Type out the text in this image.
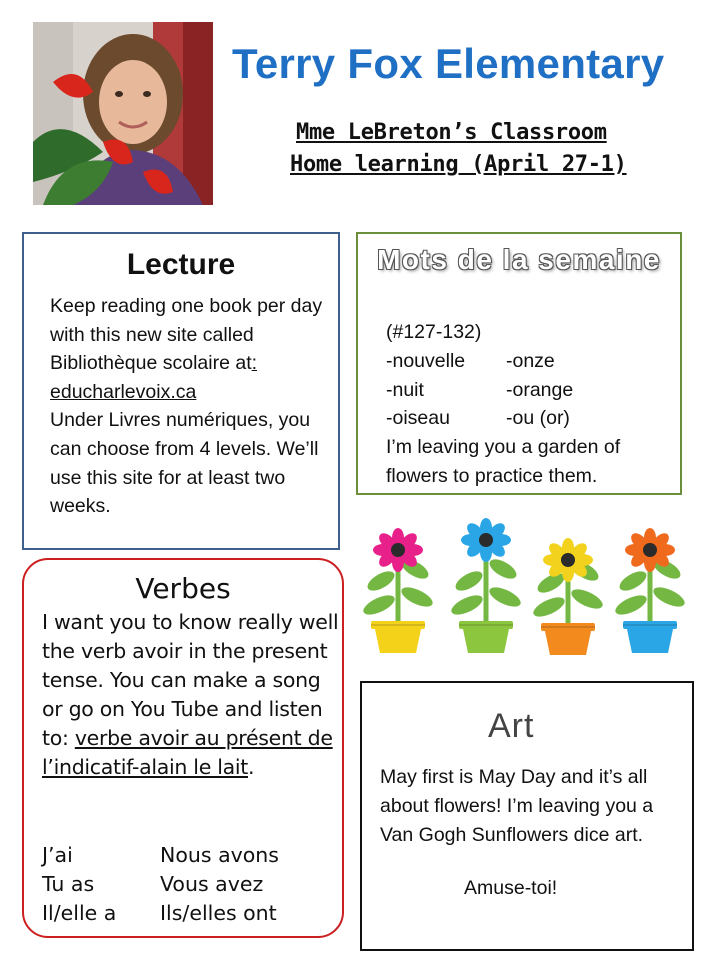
Terry Fox Elementary
Mme LeBreton’s Classroom
Home learning (April 27-1)
Lecture
Keep reading one book per day with this new site called Bibliothèque scolaire at: educharlevoix.ca
Under Livres numériques, you can choose from 4 levels. We’ll use this site for at least two weeks.
Mots de la semaine
(#127-132)
-nouvelle	-onze
-nuit	-orange
-oiseau	-ou (or)
I’m leaving you a garden of flowers to practice them.
Verbes
I want you to know really well the verb avoir in the present tense. You can make a song or go on You Tube and listen to: verbe avoir au présent de l’indicatif-alain le lait.
J’ai	Nous avons
Tu as	Vous avez
Il/elle a	Ils/elles ont
Art
May first is May Day and it’s all about flowers! I’m leaving you a Van Gogh Sunflowers dice art.
Amuse-toi!
